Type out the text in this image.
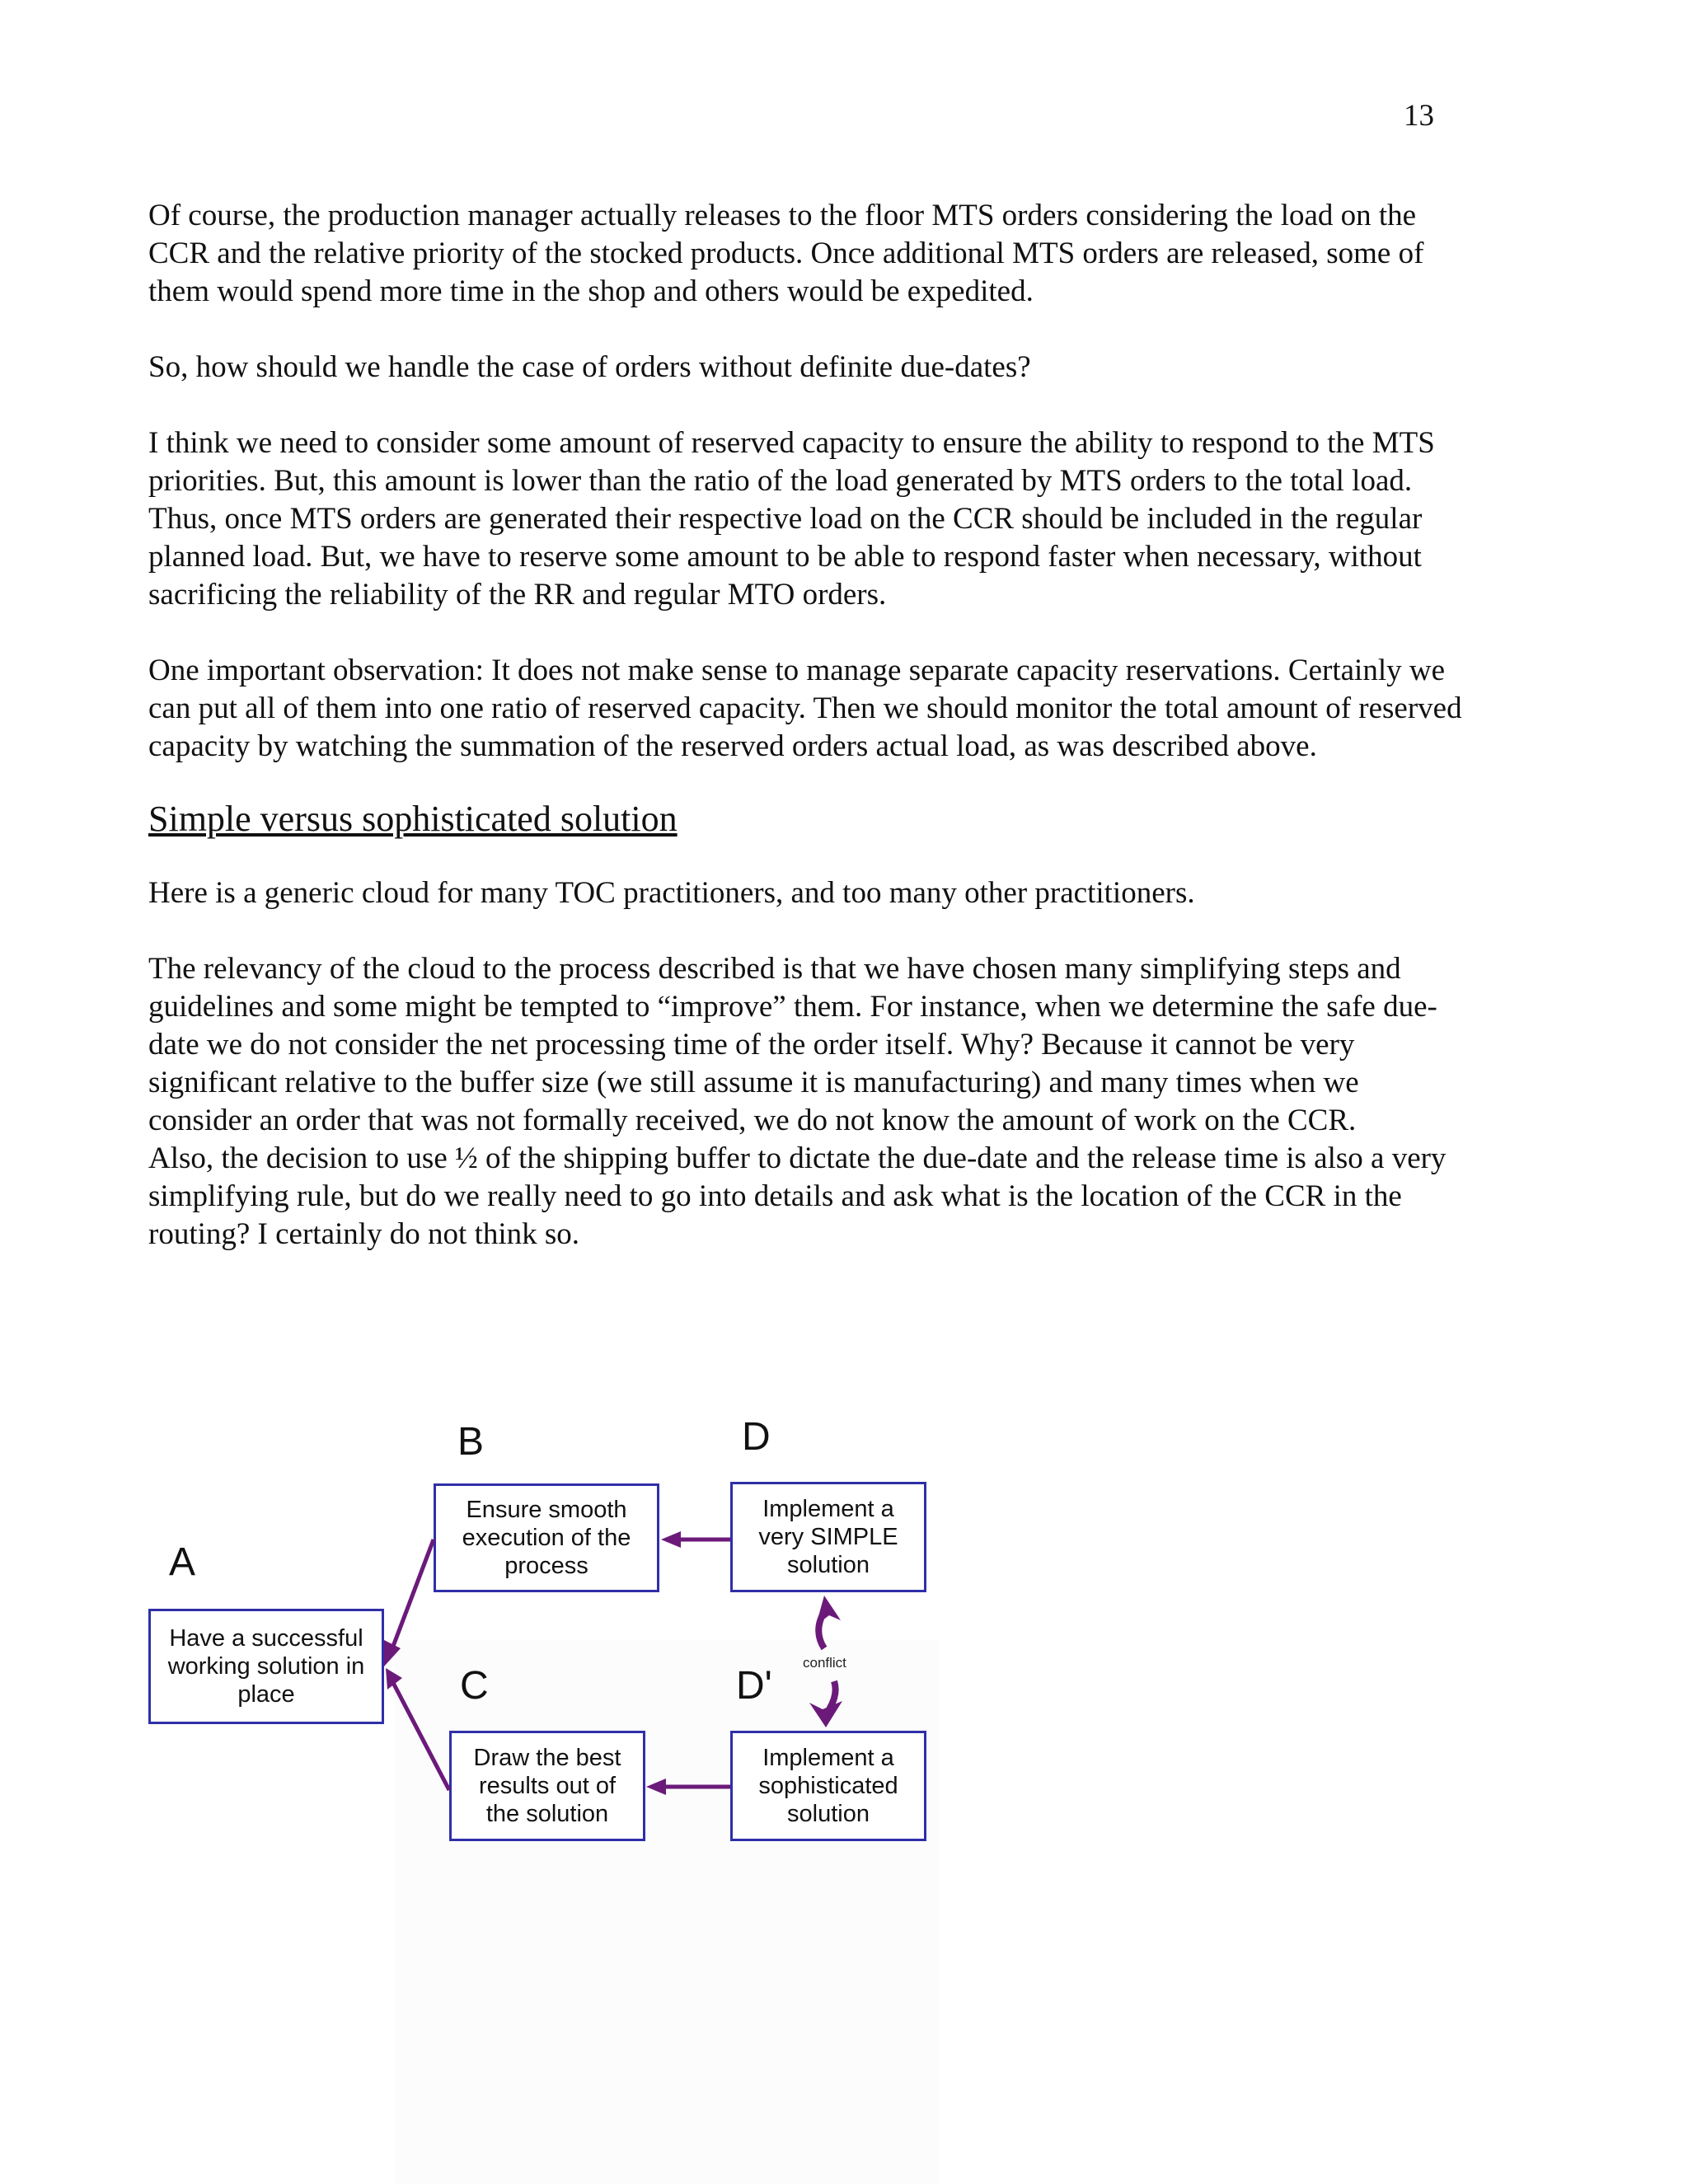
13

Of course, the production manager actually releases to the floor MTS orders considering the load on the CCR and the relative priority of the stocked products. Once additional MTS orders are released, some of them would spend more time in the shop and others would be expedited.

So, how should we handle the case of orders without definite due-dates?

I think we need to consider some amount of reserved capacity to ensure the ability to respond to the MTS priorities. But, this amount is lower than the ratio of the load generated by MTS orders to the total load. Thus, once MTS orders are generated their respective load on the CCR should be included in the regular planned load. But, we have to reserve some amount to be able to respond faster when necessary, without sacrificing the reliability of the RR and regular MTO orders.

One important observation: It does not make sense to manage separate capacity reservations. Certainly we can put all of them into one ratio of reserved capacity. Then we should monitor the total amount of reserved capacity by watching the summation of the reserved orders actual load, as was described above.

Simple versus sophisticated solution

Here is a generic cloud for many TOC practitioners, and too many other practitioners.

The relevancy of the cloud to the process described is that we have chosen many simplifying steps and guidelines and some might be tempted to “improve” them. For instance, when we determine the safe due-date we do not consider the net processing time of the order itself. Why? Because it cannot be very significant relative to the buffer size (we still assume it is manufacturing) and many times when we consider an order that was not formally received, we do not know the amount of work on the CCR.

Also, the decision to use ½ of the shipping buffer to dictate the due-date and the release time is also a very simplifying rule, but do we really need to go into details and ask what is the location of the CCR in the routing? I certainly do not think so.

B	D
A
C	D'
Have a successful working solution in place
Ensure smooth execution of the process
Implement a very SIMPLE solution
Draw the best results out of the solution
Implement a sophisticated solution
conflict
